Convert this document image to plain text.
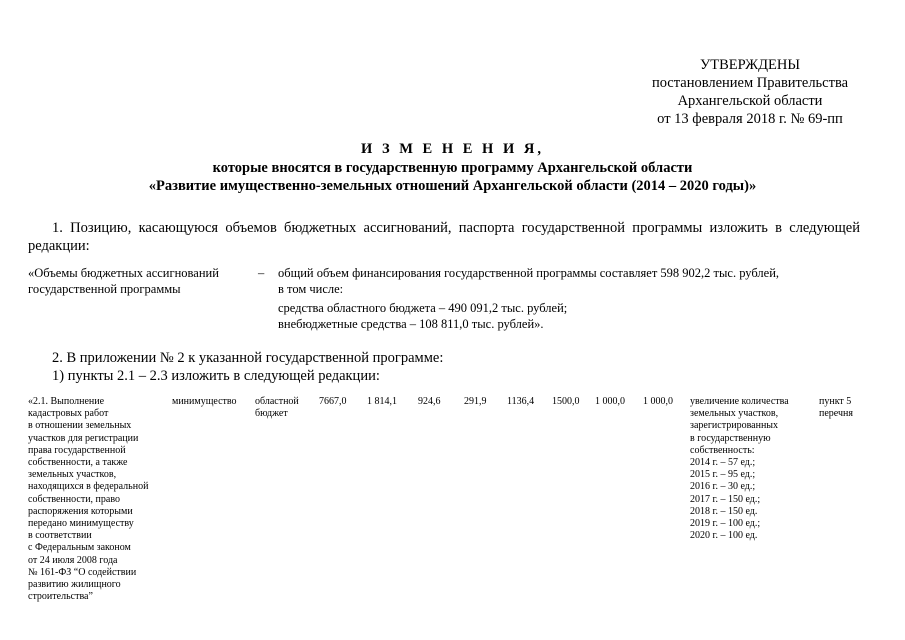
УТВЕРЖДЕНЫ
постановлением Правительства
Архангельской области
от 13 февраля 2018 г. № 69-пп
И З М Е Н Е Н И Я,
которые вносятся в государственную программу Архангельской области
«Развитие имущественно-земельных отношений Архангельской области (2014 – 2020 годы)»
1. Позицию, касающуюся объемов бюджетных ассигнований, паспорта государственной программы изложить в следующей
редакции:
«Объемы бюджетных ассигнований
государственной программы
– общий объем финансирования государственной программы составляет 598 902,2 тыс. рублей,
в том числе:
средства областного бюджета – 490 091,2 тыс. рублей;
внебюджетные средства – 108 811,0 тыс. рублей».
2. В приложении № 2 к указанной государственной программе:
1) пункты 2.1 – 2.3 изложить в следующей редакции:
«2.1. Выполнение
кадастровых работ
в отношении земельных
участков для регистрации
права государственной
собственности, а также
земельных участков,
находящихся в федеральной
собственности, право
распоряжения которыми
передано минимуществу
в соответствии
с Федеральным законом
от 24 июля 2008 года
№ 161-ФЗ “О содействии
развитию жилищного
строительства”
минимущество областной
бюджет
7667,0 1 814,1 924,6 291,9 1136,4 1500,0 1 000,0 1 000,0 увеличение количества
земельных участков,
зарегистрированных
в государственную
собственность:
2014 г. – 57 ед.;
2015 г. – 95 ед.;
2016 г. – 30 ед.;
2017 г. – 150 ед.;
2018 г. – 150 ед.
2019 г. – 100 ед.;
2020 г. – 100 ед.
пункт 5
перечня
